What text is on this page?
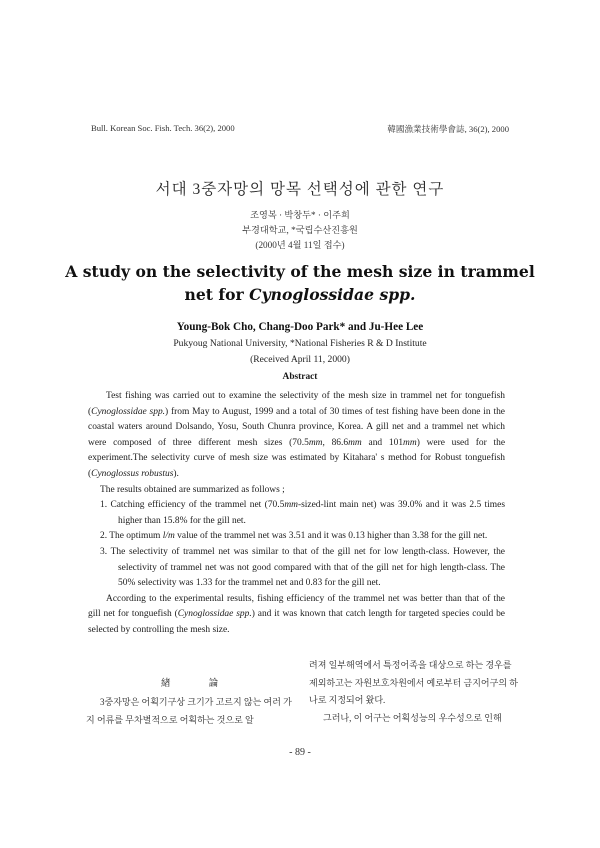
Bull. Korean Soc. Fish. Tech. 36(2), 2000	韓國漁業技術學會誌, 36(2), 2000
서대 3중자망의 망목 선택성에 관한 연구
조영복 · 박창두* · 이주희
부경대학교, *국립수산진흥원
(2000년 4월 11일 접수)
A study on the selectivity of the mesh size in trammel
net for Cynoglossidae spp.
Young-Bok Cho, Chang-Doo Park* and Ju-Hee Lee
Pukyoug National University, *National Fisheries R & D Institute
(Received April 11, 2000)
Abstract

Test fishing was carried out to examine the selectivity of the mesh size in trammel net for tonguefish (Cynoglossidae spp.) from May to August, 1999 and a total of 30 times of test fishing have been done in the coastal waters around Dolsando, Yosu, South Chunra province, Korea. A gill net and a trammel net which were composed of three different mesh sizes (70.5mm, 86.6mm and 101mm) were used for the experiment.The selectivity curve of mesh size was estimated by Kitahara' s method for Robust tonguefish (Cynoglossus robustus).

The results obtained are summarized as follows ;

1. Catching efficiency of the trammel net (70.5mm-sized-lint main net) was 39.0% and it was 2.5 times higher than 15.8% for the gill net.

2. The optimum l/m value of the trammel net was 3.51 and it was 0.13 higher than 3.38 for the gill net.

3. The selectivity of trammel net was similar to that of the gill net for low length-class. However, the selectivity of trammel net was not good compared with that of the gill net for high length-class. The 50% selectivity was 1.33 for the trammel net and 0.83 for the gill net.

According to the experimental results, fishing efficiency of the trammel net was better than that of the gill net for tonguefish (Cynoglossidae spp.) and it was known that catch length for targeted species could be selected by controlling the mesh size.

緖 論

3중자망은 어획기구상 크기가 고르지 않는 여러 가지 어류를 무차별적으로 어획하는 것으로 알

려져 일부해역에서 특정어족을 대상으로 하는 경우를 제외하고는 자원보호차원에서 예로부터 금지어구의 하나로 지정되어 왔다.

그러나, 이 어구는 어획성능의 우수성으로 인해

- 89 -
